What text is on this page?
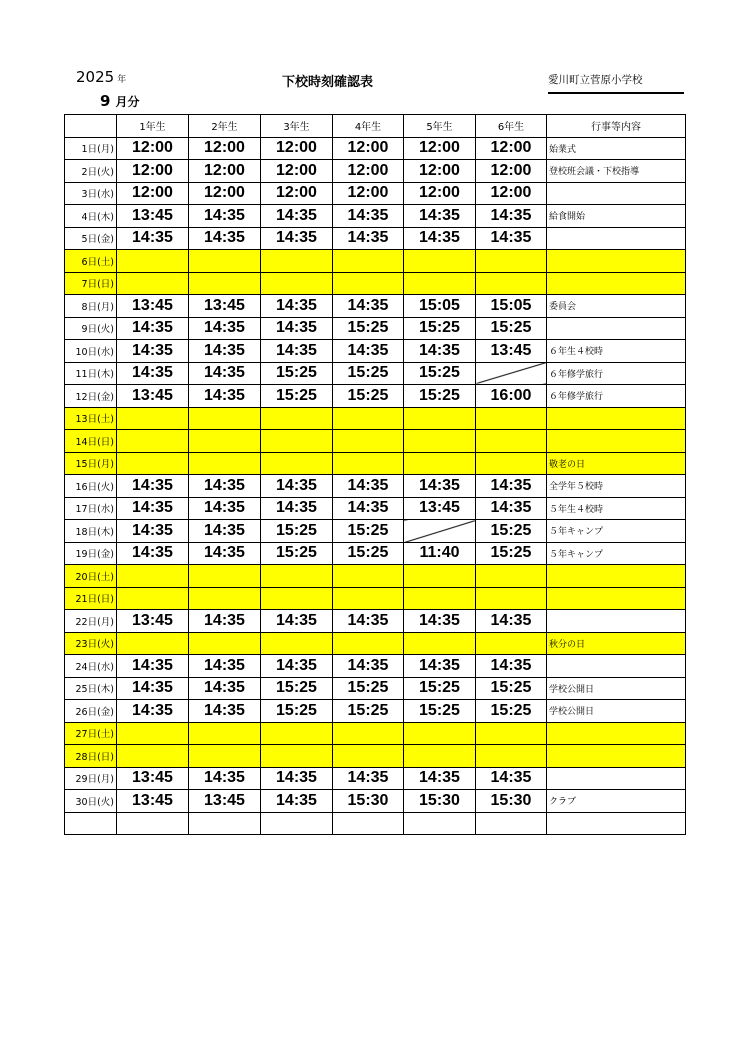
2025 年
9 月分
下校時刻確認表	愛川町立菅原小学校
	1年生	2年生	3年生	4年生	5年生	6年生	行事等内容
1日(月)	12:00	12:00	12:00	12:00	12:00	12:00	始業式
2日(火)	12:00	12:00	12:00	12:00	12:00	12:00	登校班会議・下校指導
3日(水)	12:00	12:00	12:00	12:00	12:00	12:00	
4日(木)	13:45	14:35	14:35	14:35	14:35	14:35	給食開始
5日(金)	14:35	14:35	14:35	14:35	14:35	14:35	
6日(土)							
7日(日)							
8日(月)	13:45	13:45	14:35	14:35	15:05	15:05	委員会
9日(火)	14:35	14:35	14:35	15:25	15:25	15:25	
10日(水)	14:35	14:35	14:35	14:35	14:35	13:45	６年生４校時
11日(木)	14:35	14:35	15:25	15:25	15:25		６年修学旅行
12日(金)	13:45	14:35	15:25	15:25	15:25	16:00	６年修学旅行
13日(土)							
14日(日)							
15日(月)							敬老の日
16日(火)	14:35	14:35	14:35	14:35	14:35	14:35	全学年５校時
17日(水)	14:35	14:35	14:35	14:35	13:45	14:35	５年生４校時
18日(木)	14:35	14:35	15:25	15:25		15:25	５年キャンプ
19日(金)	14:35	14:35	15:25	15:25	11:40	15:25	５年キャンプ
20日(土)							
21日(日)							
22日(月)	13:45	14:35	14:35	14:35	14:35	14:35	
23日(火)							秋分の日
24日(水)	14:35	14:35	14:35	14:35	14:35	14:35	
25日(木)	14:35	14:35	15:25	15:25	15:25	15:25	学校公開日
26日(金)	14:35	14:35	15:25	15:25	15:25	15:25	学校公開日
27日(土)							
28日(日)							
29日(月)	13:45	14:35	14:35	14:35	14:35	14:35	
30日(火)	13:45	13:45	14:35	15:30	15:30	15:30	クラブ
